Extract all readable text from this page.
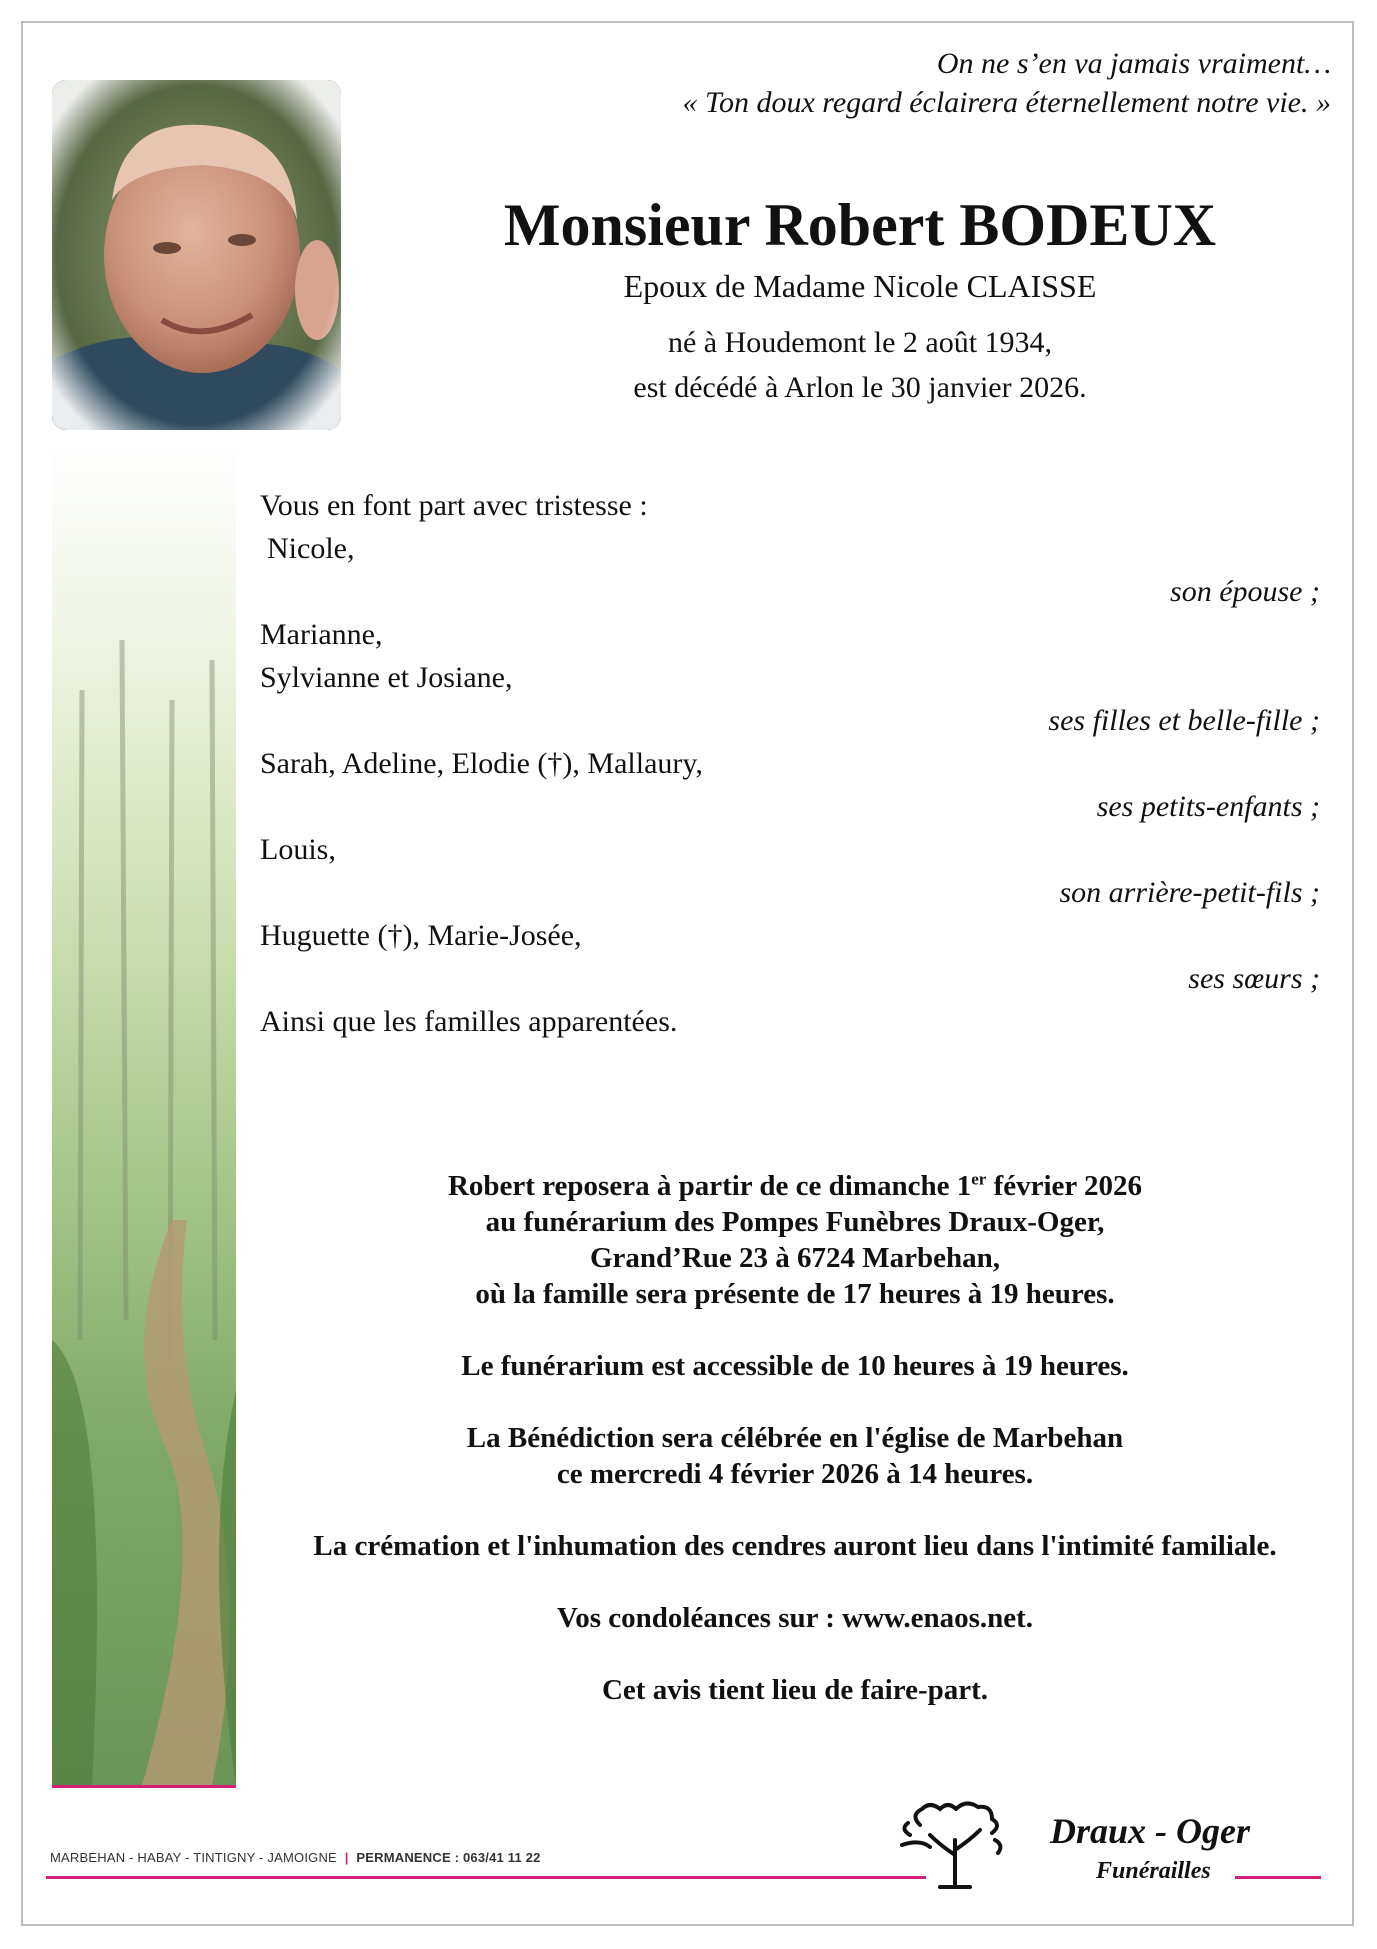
On ne s’en va jamais vraiment…
« Ton doux regard éclairera éternellement notre vie. »
Monsieur Robert BODEUX
Epoux de Madame Nicole CLAISSE
né à Houdemont le 2 août 1934,
est décédé à Arlon le 30 janvier 2026.
Vous en font part avec tristesse :
Nicole,
son épouse ;
Marianne,
Sylvianne et Josiane,
ses filles et belle-fille ;
Sarah, Adeline, Elodie (†), Mallaury,
ses petits-enfants ;
Louis,
son arrière-petit-fils ;
Huguette (†), Marie-Josée,
ses sœurs ;
Ainsi que les familles apparentées.

Robert reposera à partir de ce dimanche 1er février 2026
au funérarium des Pompes Funèbres Draux-Oger,
Grand’Rue 23 à 6724 Marbehan,
où la famille sera présente de 17 heures à 19 heures.

Le funérarium est accessible de 10 heures à 19 heures.

La Bénédiction sera célébrée en l'église de Marbehan
ce mercredi 4 février 2026 à 14 heures.

La crémation et l'inhumation des cendres auront lieu dans l'intimité familiale.

Vos condoléances sur : www.enaos.net.

Cet avis tient lieu de faire-part.

MARBEHAN - HABAY - TINTIGNY - JAMOIGNE | PERMANENCE : 063/41 11 22
Draux - Oger
Funérailles
